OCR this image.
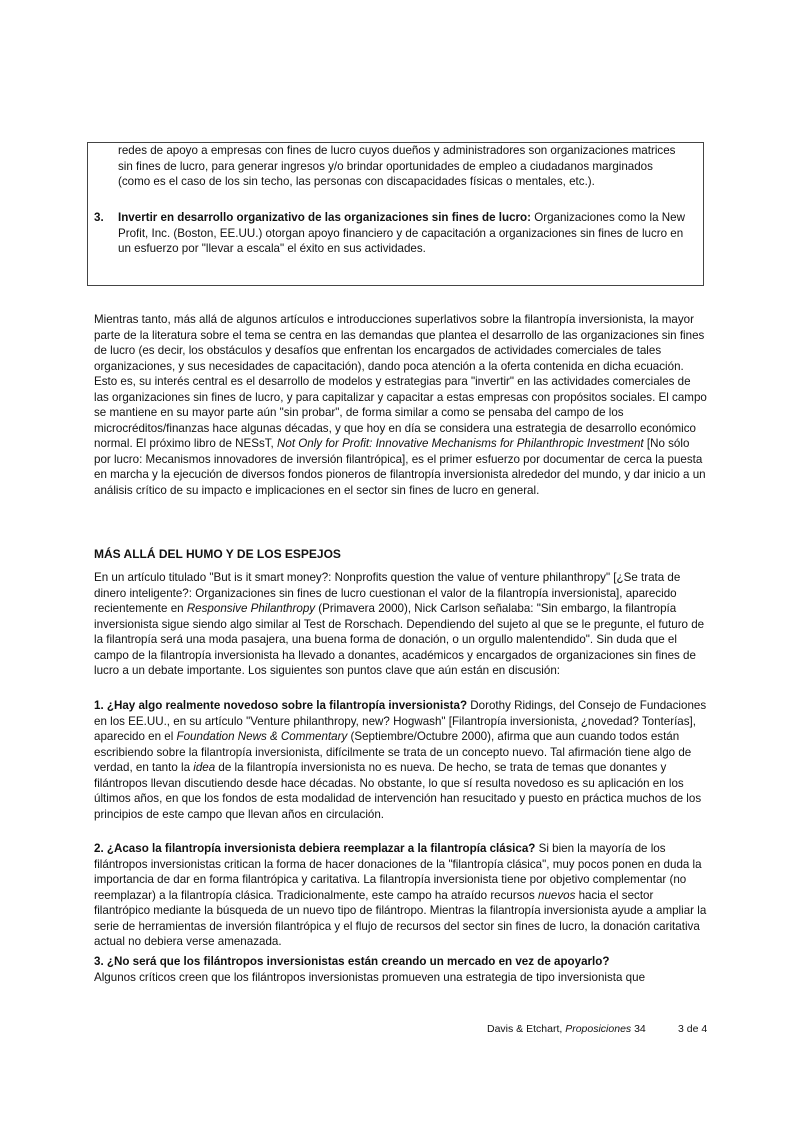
redes de apoyo a empresas con fines de lucro cuyos dueños y administradores son organizaciones matrices sin fines de lucro, para generar ingresos y/o brindar oportunidades de empleo a ciudadanos marginados (como es el caso de los sin techo, las personas con discapacidades físicas o mentales, etc.).

3. Invertir en desarrollo organizativo de las organizaciones sin fines de lucro: Organizaciones como la New Profit, Inc. (Boston, EE.UU.) otorgan apoyo financiero y de capacitación a organizaciones sin fines de lucro en un esfuerzo por "llevar a escala" el éxito en sus actividades.

Mientras tanto, más allá de algunos artículos e introducciones superlativos sobre la filantropía inversionista, la mayor parte de la literatura sobre el tema se centra en las demandas que plantea el desarrollo de las organizaciones sin fines de lucro (es decir, los obstáculos y desafíos que enfrentan los encargados de actividades comerciales de tales organizaciones, y sus necesidades de capacitación), dando poca atención a la oferta contenida en dicha ecuación. Esto es, su interés central es el desarrollo de modelos y estrategias para "invertir" en las actividades comerciales de las organizaciones sin fines de lucro, y para capitalizar y capacitar a estas empresas con propósitos sociales. El campo se mantiene en su mayor parte aún "sin probar", de forma similar a como se pensaba del campo de los microcréditos/finanzas hace algunas décadas, y que hoy en día se considera una estrategia de desarrollo económico normal. El próximo libro de NESsT, Not Only for Profit: Innovative Mechanisms for Philanthropic Investment [No sólo por lucro: Mecanismos innovadores de inversión filantrópica], es el primer esfuerzo por documentar de cerca la puesta en marcha y la ejecución de diversos fondos pioneros de filantropía inversionista alrededor del mundo, y dar inicio a un análisis crítico de su impacto e implicaciones en el sector sin fines de lucro en general.

MÁS ALLÁ DEL HUMO Y DE LOS ESPEJOS

En un artículo titulado "But is it smart money?: Nonprofits question the value of venture philanthropy" [¿Se trata de dinero inteligente?: Organizaciones sin fines de lucro cuestionan el valor de la filantropía inversionista], aparecido recientemente en Responsive Philanthropy (Primavera 2000), Nick Carlson señalaba: "Sin embargo, la filantropía inversionista sigue siendo algo similar al Test de Rorschach. Dependiendo del sujeto al que se le pregunte, el futuro de la filantropía será una moda pasajera, una buena forma de donación, o un orgullo malentendido". Sin duda que el campo de la filantropía inversionista ha llevado a donantes, académicos y encargados de organizaciones sin fines de lucro a un debate importante. Los siguientes son puntos clave que aún están en discusión:

1. ¿Hay algo realmente novedoso sobre la filantropía inversionista? Dorothy Ridings, del Consejo de Fundaciones en los EE.UU., en su artículo "Venture philanthropy, new? Hogwash" [Filantropía inversionista, ¿novedad? Tonterías], aparecido en el Foundation News & Commentary (Septiembre/Octubre 2000), afirma que aun cuando todos están escribiendo sobre la filantropía inversionista, difícilmente se trata de un concepto nuevo. Tal afirmación tiene algo de verdad, en tanto la idea de la filantropía inversionista no es nueva. De hecho, se trata de temas que donantes y filántropos llevan discutiendo desde hace décadas. No obstante, lo que sí resulta novedoso es su aplicación en los últimos años, en que los fondos de esta modalidad de intervención han resucitado y puesto en práctica muchos de los principios de este campo que llevan años en circulación.

2. ¿Acaso la filantropía inversionista debiera reemplazar a la filantropía clásica? Si bien la mayoría de los filántropos inversionistas critican la forma de hacer donaciones de la "filantropía clásica", muy pocos ponen en duda la importancia de dar en forma filantrópica y caritativa. La filantropía inversionista tiene por objetivo complementar (no reemplazar) a la filantropía clásica. Tradicionalmente, este campo ha atraído recursos nuevos hacia el sector filantrópico mediante la búsqueda de un nuevo tipo de filántropo. Mientras la filantropía inversionista ayude a ampliar la serie de herramientas de inversión filantrópica y el flujo de recursos del sector sin fines de lucro, la donación caritativa actual no debiera verse amenazada.

3. ¿No será que los filántropos inversionistas están creando un mercado en vez de apoyarlo?
Algunos críticos creen que los filántropos inversionistas promueven una estrategia de tipo inversionista que

Davis & Etchart, Proposiciones 34	3 de 4
